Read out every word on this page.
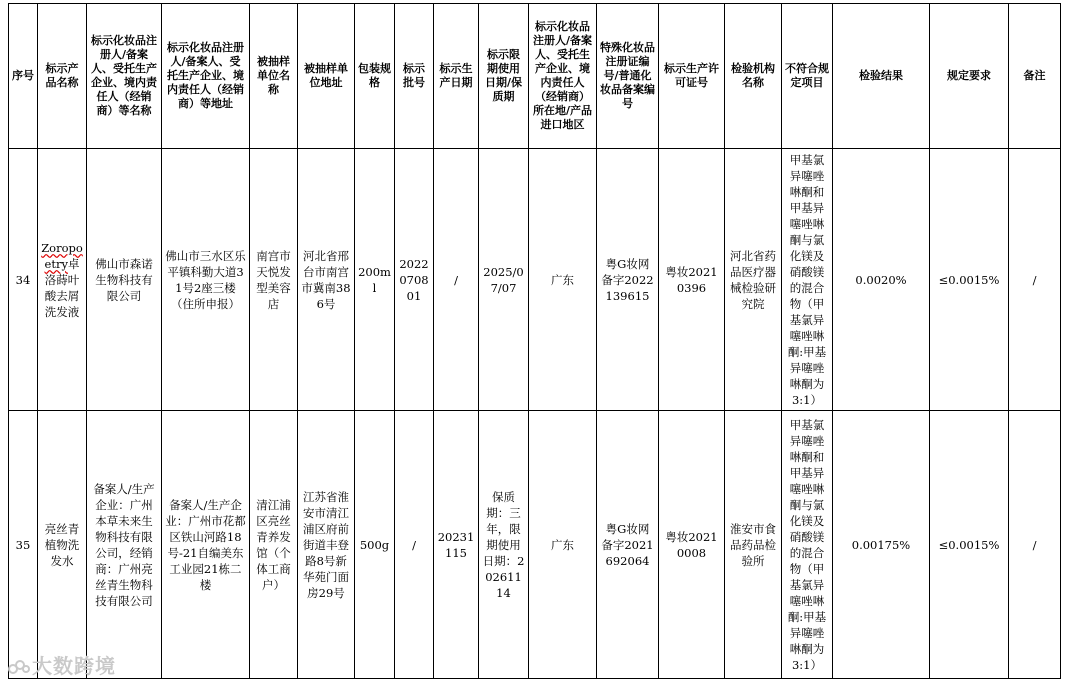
序号	标示产品名称	标示化妆品注册人/备案人、受托生产企业、境内责任人（经销商）等名称	标示化妆品注册人/备案人、受托生产企业、境内责任人（经销商）等地址	被抽样单位名称	被抽样单位地址	包装规格	标示批号	标示生产日期	标示限期使用日期/保质期	标示化妆品注册人/备案人、受托生产企业、境内责任人（经销商）所在地/产品进口地区	特殊化妆品注册证编号/普通化妆品备案编号	标示生产许可证号	检验机构名称	不符合规定项目	检验结果	规定要求	备注
34	Zoropoetry卓洛蒔叶酸去屑洗发液	佛山市森诺生物科技有限公司	佛山市三水区乐平镇科勤大道31号2座三楼（住所申报）	南宫市天悦发型美容店	河北省邢台市南宫市冀南386号	200ml	2022070801	/	2025/07/07	广东	粤G妆网备字2022139615	粤妆20210396	河北省药品医疗器械检验研究院	甲基氯异噻唑啉酮和甲基异噻唑啉酮与氯化镁及硝酸镁的混合物（甲基氯异噻唑啉酮:甲基异噻唑啉酮为3:1）	0.0020%	≤0.0015%	/
35	亮丝青植物洗发水	备案人/生产企业：广州本草未来生物科技有限公司，经销商：广州亮丝青生物科技有限公司	备案人/生产企业：广州市花都区铁山河路18号-21自编美东工业园21栋二楼	清江浦区亮丝青养发馆（个体工商户）	江苏省淮安市清江浦区府前街道丰登路8号新华苑门面房29号	500g	/	20231115	保质期：三年，限期使用日期：20261114	广东	粤G妆网备字2021692064	粤妆20210008	淮安市食品药品检验所	甲基氯异噻唑啉酮和甲基异噻唑啉酮与氯化镁及硝酸镁的混合物（甲基氯异噻唑啉酮:甲基异噻唑啉酮为3:1）	0.00175%	≤0.0015%	/
大数跨境
